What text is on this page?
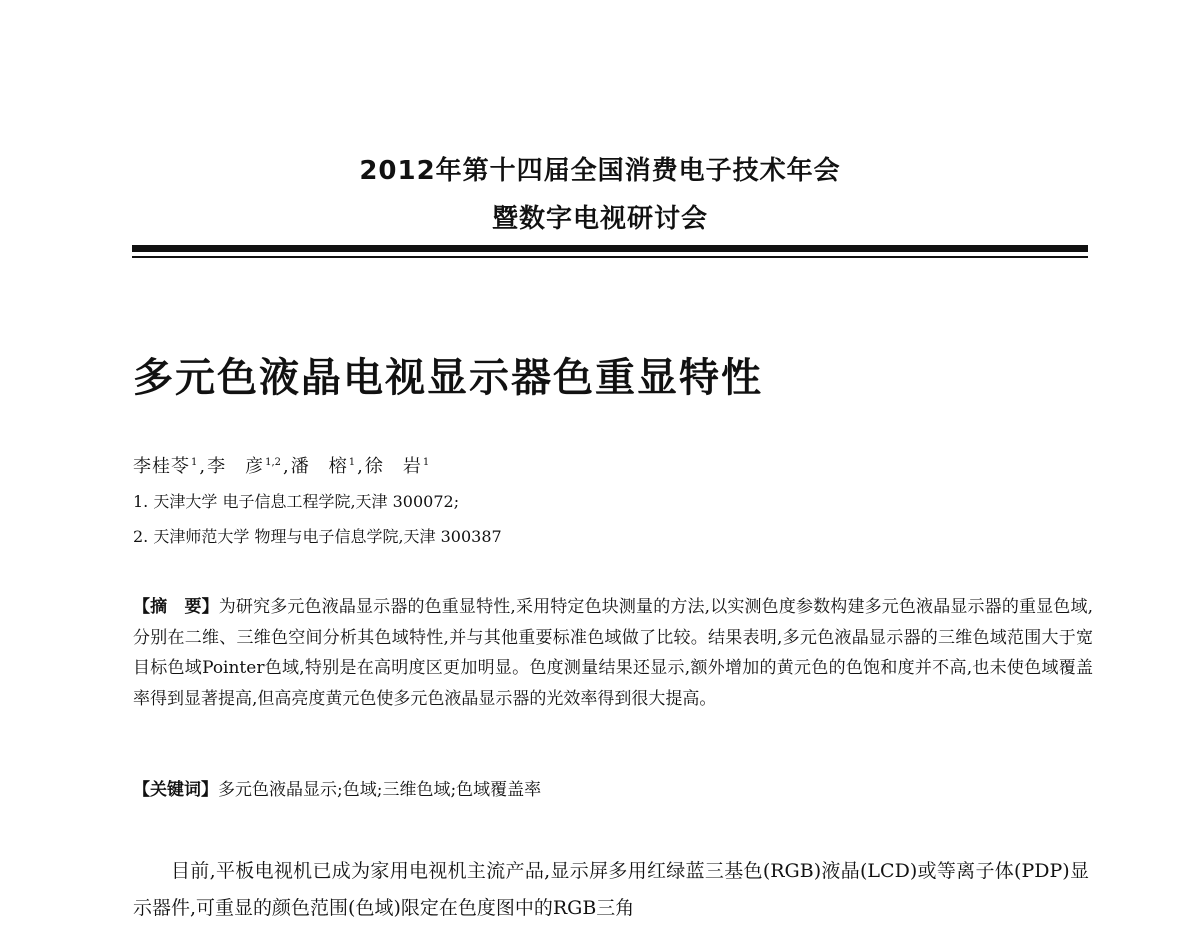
2012年第十四届全国消费电子技术年会
暨数字电视研讨会
多元色液晶电视显示器色重显特性
李桂苓$^1$ , 李　彦$^{1,2}$ , 潘　榕$^1$ , 徐　岩$^1$
1. 天津大学 电子信息工程学院,天津 300072;
2. 天津师范大学 物理与电子信息学院,天津 300387
【摘　要】为研究多元色液晶显示器的色重显特性,采用特定色块测量的方法,以实测色度参数构建多元色液晶显示器的重显色域,分别在二维、三维色空间分析其色域特性,并与其他重要标准色域做了比较。结果表明,多元色液晶显示器的三维色域范围大于宽目标色域Pointer色域,特别是在高明度区更加明显。色度测量结果还显示,额外增加的黄元色的色饱和度并不高,也未使色域覆盖率得到显著提高,但高亮度黄元色使多元色液晶显示器的光效率得到很大提高。
【关键词】多元色液晶显示;色域;三维色域;色域覆盖率
目前,平板电视机已成为家用电视机主流产品,显示屏多用红绿蓝三基色(RGB)液晶(LCD)或等离子体(PDP)显示器件,可重显的颜色范围(色域)限定在色度图中的RGB三角
